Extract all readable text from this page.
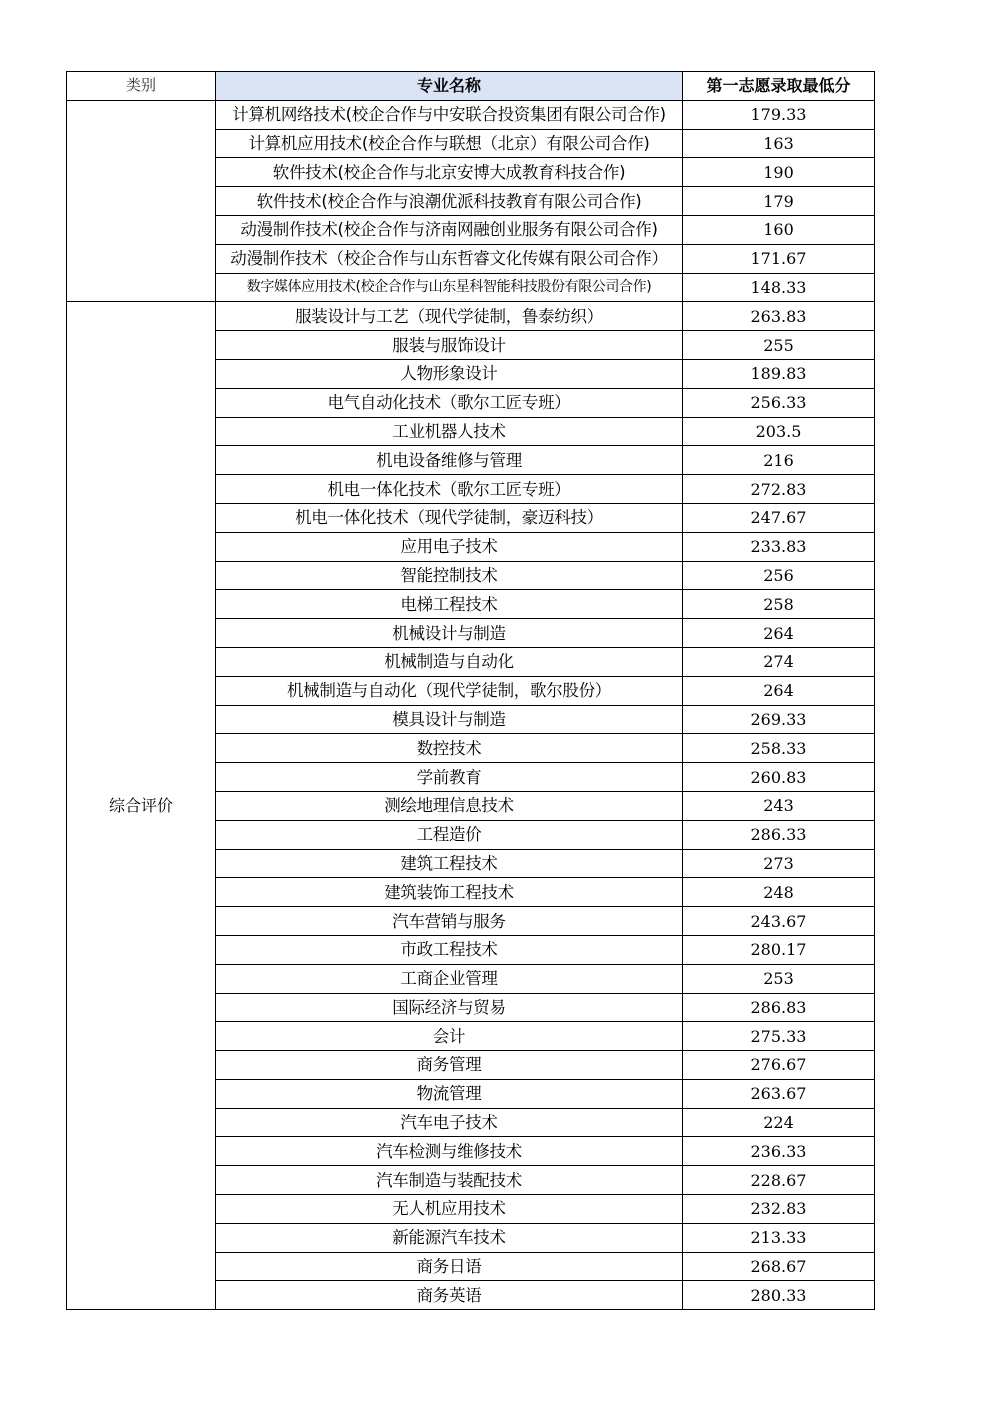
类别	专业名称	第一志愿录取最低分
	计算机网络技术(校企合作与中安联合投资集团有限公司合作)	179.33
	计算机应用技术(校企合作与联想（北京）有限公司合作)	163
	软件技术(校企合作与北京安博大成教育科技合作)	190
	软件技术(校企合作与浪潮优派科技教育有限公司合作)	179
	动漫制作技术(校企合作与济南网融创业服务有限公司合作)	160
	动漫制作技术（校企合作与山东哲睿文化传媒有限公司合作）	171.67
	数字媒体应用技术(校企合作与山东星科智能科技股份有限公司合作)	148.33
综合评价	服装设计与工艺（现代学徒制，鲁泰纺织）	263.83
	服装与服饰设计	255
	人物形象设计	189.83
	电气自动化技术（歌尔工匠专班）	256.33
	工业机器人技术	203.5
	机电设备维修与管理	216
	机电一体化技术（歌尔工匠专班）	272.83
	机电一体化技术（现代学徒制，豪迈科技）	247.67
	应用电子技术	233.83
	智能控制技术	256
	电梯工程技术	258
	机械设计与制造	264
	机械制造与自动化	274
	机械制造与自动化（现代学徒制，歌尔股份）	264
	模具设计与制造	269.33
	数控技术	258.33
	学前教育	260.83
	测绘地理信息技术	243
	工程造价	286.33
	建筑工程技术	273
	建筑装饰工程技术	248
	汽车营销与服务	243.67
	市政工程技术	280.17
	工商企业管理	253
	国际经济与贸易	286.83
	会计	275.33
	商务管理	276.67
	物流管理	263.67
	汽车电子技术	224
	汽车检测与维修技术	236.33
	汽车制造与装配技术	228.67
	无人机应用技术	232.83
	新能源汽车技术	213.33
	商务日语	268.67
	商务英语	280.33
